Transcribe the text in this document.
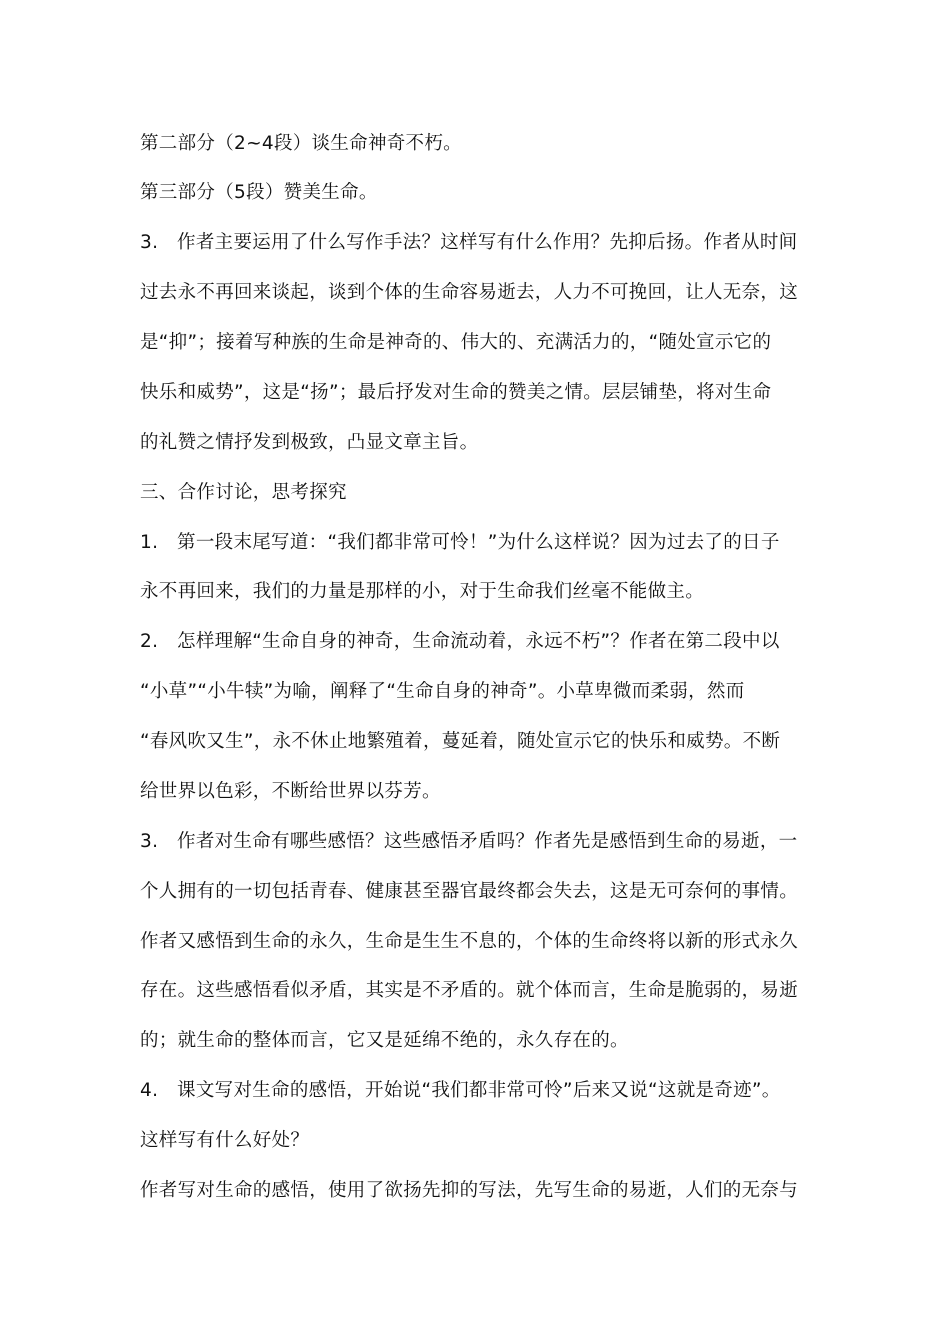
第二部分（2~4段）谈生命神奇不朽。
第三部分（5段）赞美生命。
3.　作者主要运用了什么写作手法？这样写有什么作用？先抑后扬。作者从时间
过去永不再回来谈起，谈到个体的生命容易逝去，人力不可挽回，让人无奈，这
是“抑”；接着写种族的生命是神奇的、伟大的、充满活力的，“随处宣示它的
快乐和威势”，这是“扬”；最后抒发对生命的赞美之情。层层铺垫，将对生命
的礼赞之情抒发到极致，凸显文章主旨。
三、合作讨论，思考探究
1.　第一段末尾写道：“我们都非常可怜！”为什么这样说？因为过去了的日子
永不再回来，我们的力量是那样的小，对于生命我们丝毫不能做主。
2.　怎样理解“生命自身的神奇，生命流动着，永远不朽”？作者在第二段中以
“小草”“小牛犊”为喻，阐释了“生命自身的神奇”。小草卑微而柔弱，然而
“春风吹又生”，永不休止地繁殖着，蔓延着，随处宣示它的快乐和威势。不断
给世界以色彩，不断给世界以芬芳。
3.　作者对生命有哪些感悟？这些感悟矛盾吗？作者先是感悟到生命的易逝，一
个人拥有的一切包括青春、健康甚至器官最终都会失去，这是无可奈何的事情。
作者又感悟到生命的永久，生命是生生不息的，个体的生命终将以新的形式永久
存在。这些感悟看似矛盾，其实是不矛盾的。就个体而言，生命是脆弱的，易逝
的；就生命的整体而言，它又是延绵不绝的，永久存在的。
4.　课文写对生命的感悟，开始说“我们都非常可怜”后来又说“这就是奇迹”。
这样写有什么好处？
作者写对生命的感悟，使用了欲扬先抑的写法，先写生命的易逝，人们的无奈与
